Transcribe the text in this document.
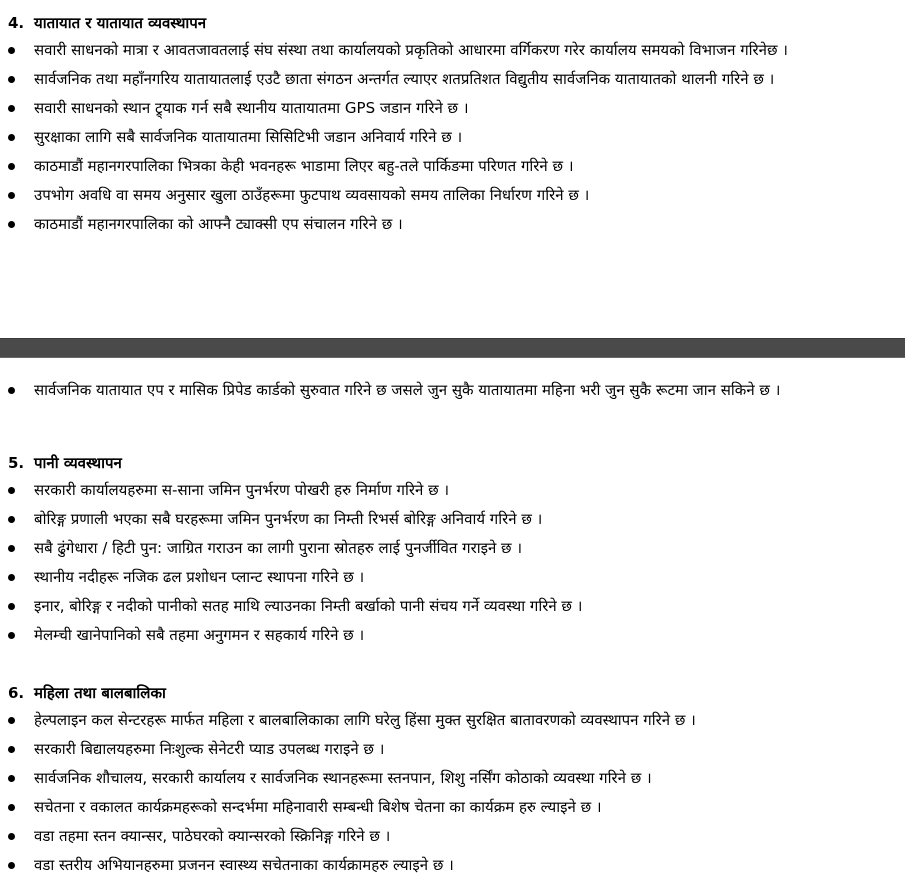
4. यातायात र यातायात व्यवस्थापन
सवारी साधनको मात्रा र आवतजावतलाई संघ संस्था तथा कार्यालयको प्रकृतिको आधारमा वर्गिकरण गरेर कार्यालय समयको विभाजन गरिनेछ ।
सार्वजनिक तथा महाँनगरिय यातायातलाई एउटै छाता संगठन अन्तर्गत ल्याएर शतप्रतिशत विद्युतीय सार्वजनिक यातायातको थालनी गरिने छ ।
सवारी साधनको स्थान ट्र्याक गर्न सबै स्थानीय यातायातमा GPS जडान गरिने छ ।
सुरक्षाका लागि सबै सार्वजनिक यातायातमा सिसिटिभी जडान अनिवार्य गरिने छ ।
काठमाडौं महानगरपालिका भित्रका केही भवनहरू भाडामा लिएर बहु-तले पार्किङमा परिणत गरिने छ ।
उपभोग अवधि वा समय अनुसार खुला ठाउँहरूमा फुटपाथ व्यवसायको समय तालिका निर्धारण गरिने छ ।
काठमाडौं महानगरपालिका को आफ्नै ट्याक्सी एप संचालन गरिने छ ।
सार्वजनिक यातायात एप र मासिक प्रिपेड कार्डको सुरुवात गरिने छ जसले जुन सुकै यातायातमा महिना भरी जुन सुकै रूटमा जान सकिने छ ।
5. पानी व्यवस्थापन
सरकारी कार्यालयहरुमा स-साना जमिन पुनर्भरण पोखरी हरु निर्माण गरिने छ ।
बोरिङ्ग प्रणाली भएका सबै घरहरूमा जमिन पुनर्भरण का निम्ती रिभर्स बोरिङ्ग अनिवार्य गरिने छ ।
सबै ढुंगेधारा / हिटी पुन: जाग्रित गराउन का लागी पुराना स्रोतहरु लाई पुनर्जीवित गराइने छ ।
स्थानीय नदीहरू नजिक ढल प्रशोधन प्लान्ट स्थापना गरिने छ ।
इनार, बोरिङ्ग र नदीको पानीको सतह माथि ल्याउनका निम्ती बर्खाको पानी संचय गर्ने व्यवस्था गरिने छ ।
मेलम्ची खानेपानिको सबै तहमा अनुगमन र सहकार्य गरिने छ ।
6. महिला तथा बालबालिका
हेल्पलाइन कल सेन्टरहरू मार्फत महिला र बालबालिकाका लागि घरेलु हिंसा मुक्त सुरक्षित बातावरणको व्यवस्थापन गरिने छ ।
सरकारी बिद्यालयहरुमा निःशुल्क सेनेटरी प्याड उपलब्ध गराइने छ ।
सार्वजनिक शौचालय, सरकारी कार्यालय र सार्वजनिक स्थानहरूमा स्तनपान, शिशु नर्सिंग कोठाको व्यवस्था गरिने छ ।
सचेतना र वकालत कार्यक्रमहरूको सन्दर्भमा महिनावारी सम्बन्धी बिशेष चेतना का कार्यक्रम हरु ल्याइने छ ।
वडा तहमा स्तन क्यान्सर, पाठेघरको क्यान्सरको स्क्रिनिङ्ग गरिने छ ।
वडा स्तरीय अभियानहरुमा प्रजनन स्वास्थ्य सचेतनाका कार्यक्रामहरु ल्याइने छ ।
